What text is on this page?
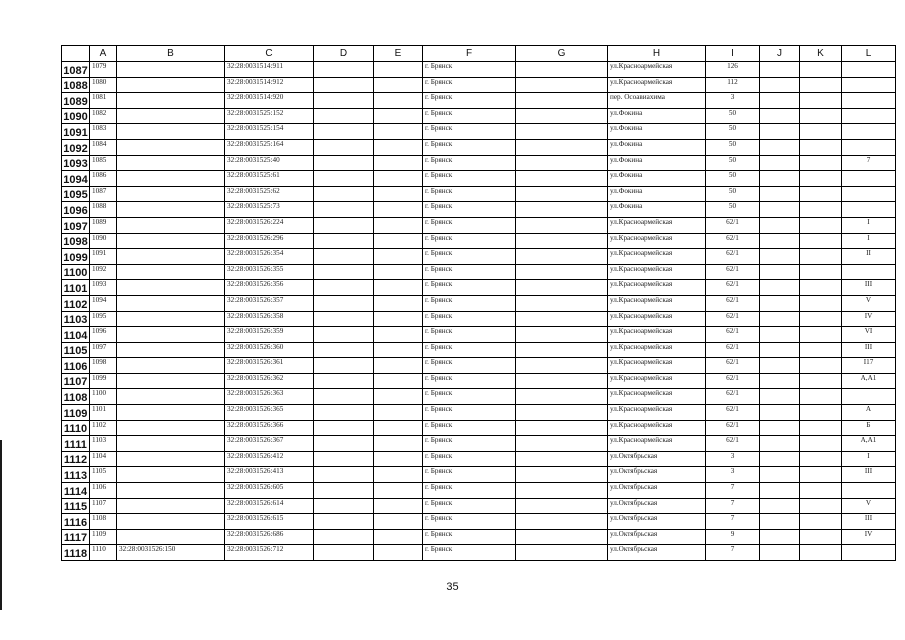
	A	B	C	D	E	F	G	H	I	J	K	L
1087	1079		32:28:0031514:911			г. Брянск		ул.Красноармейская	126			
1088	1080		32:28:0031514:912			г. Брянск		ул.Красноармейская	112			
1089	1081		32:28:0031514:920			г. Брянск		пер. Осоавиахима	3			
1090	1082		32:28:0031525:152			г. Брянск		ул.Фокина	50			
1091	1083		32:28:0031525:154			г. Брянск		ул.Фокина	50			
1092	1084		32:28:0031525:164			г. Брянск		ул.Фокина	50			
1093	1085		32:28:0031525:40			г. Брянск		ул.Фокина	50			7
1094	1086		32:28:0031525:61			г. Брянск		ул.Фокина	50			
1095	1087		32:28:0031525:62			г. Брянск		ул.Фокина	50			
1096	1088		32:28:0031525:73			г. Брянск		ул.Фокина	50			
1097	1089		32:28:0031526:224			г. Брянск		ул.Красноармейская	62/1			I
1098	1090		32:28:0031526:296			г. Брянск		ул.Красноармейская	62/1			I
1099	1091		32:28:0031526:354			г. Брянск		ул.Красноармейская	62/1			II
1100	1092		32:28:0031526:355			г. Брянск		ул.Красноармейская	62/1			
1101	1093		32:28:0031526:356			г. Брянск		ул.Красноармейская	62/1			III
1102	1094		32:28:0031526:357			г. Брянск		ул.Красноармейская	62/1			V
1103	1095		32:28:0031526:358			г. Брянск		ул.Красноармейская	62/1			IV
1104	1096		32:28:0031526:359			г. Брянск		ул.Красноармейская	62/1			VI
1105	1097		32:28:0031526:360			г. Брянск		ул.Красноармейская	62/1			III
1106	1098		32:28:0031526:361			г. Брянск		ул.Красноармейская	62/1			I17
1107	1099		32:28:0031526:362			г. Брянск		ул.Красноармейская	62/1			А,А1
1108	1100		32:28:0031526:363			г. Брянск		ул.Красноармейская	62/1			
1109	1101		32:28:0031526:365			г. Брянск		ул.Красноармейская	62/1			А
1110	1102		32:28:0031526:366			г. Брянск		ул.Красноармейская	62/1			Б
1111	1103		32:28:0031526:367			г. Брянск		ул.Красноармейская	62/1			А,А1
1112	1104		32:28:0031526:412			г. Брянск		ул.Октябрьская	3			I
1113	1105		32:28:0031526:413			г. Брянск		ул.Октябрьская	3			III
1114	1106		32:28:0031526:605			г. Брянск		ул.Октябрьская	7			
1115	1107		32:28:0031526:614			г. Брянск		ул.Октябрьская	7			V
1116	1108		32:28:0031526:615			г. Брянск		ул.Октябрьская	7			III
1117	1109		32:28:0031526:686			г. Брянск		ул.Октябрьская	9			IV
1118	1110	32:28:0031526:150	32:28:0031526:712			г. Брянск		ул.Октябрьская	7			
35
